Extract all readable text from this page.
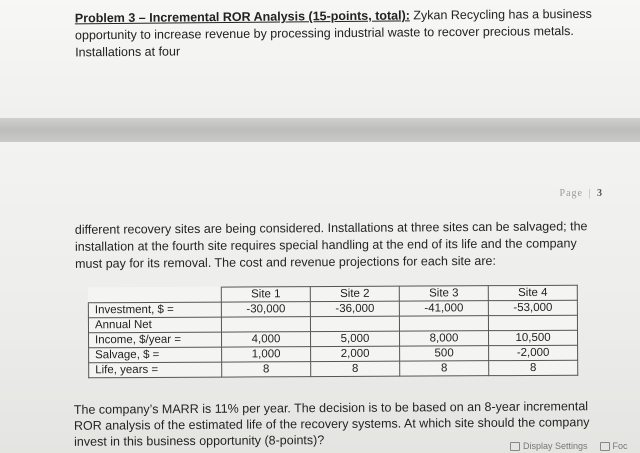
Problem 3 – Incremental ROR Analysis (15-points, total): Zykan Recycling has a business opportunity to increase revenue by processing industrial waste to recover precious metals. Installations at four
Page | 3
different recovery sites are being considered. Installations at three sites can be salvaged; the installation at the fourth site requires special handling at the end of its life and the company must pay for its removal. The cost and revenue projections for each site are:
	Site 1	Site 2	Site 3	Site 4
Investment, $ =	-30,000	-36,000	-41,000	-53,000
Annual Net				
Income, $/year =	4,000	5,000	8,000	10,500
Salvage, $ =	1,000	2,000	500	-2,000
Life, years =	8	8	8	8
The company’s MARR is 11% per year. The decision is to be based on an 8-year incremental ROR analysis of the estimated life of the recovery systems. At which site should the company invest in this business opportunity (8-points)?	Display Settings	Foc
